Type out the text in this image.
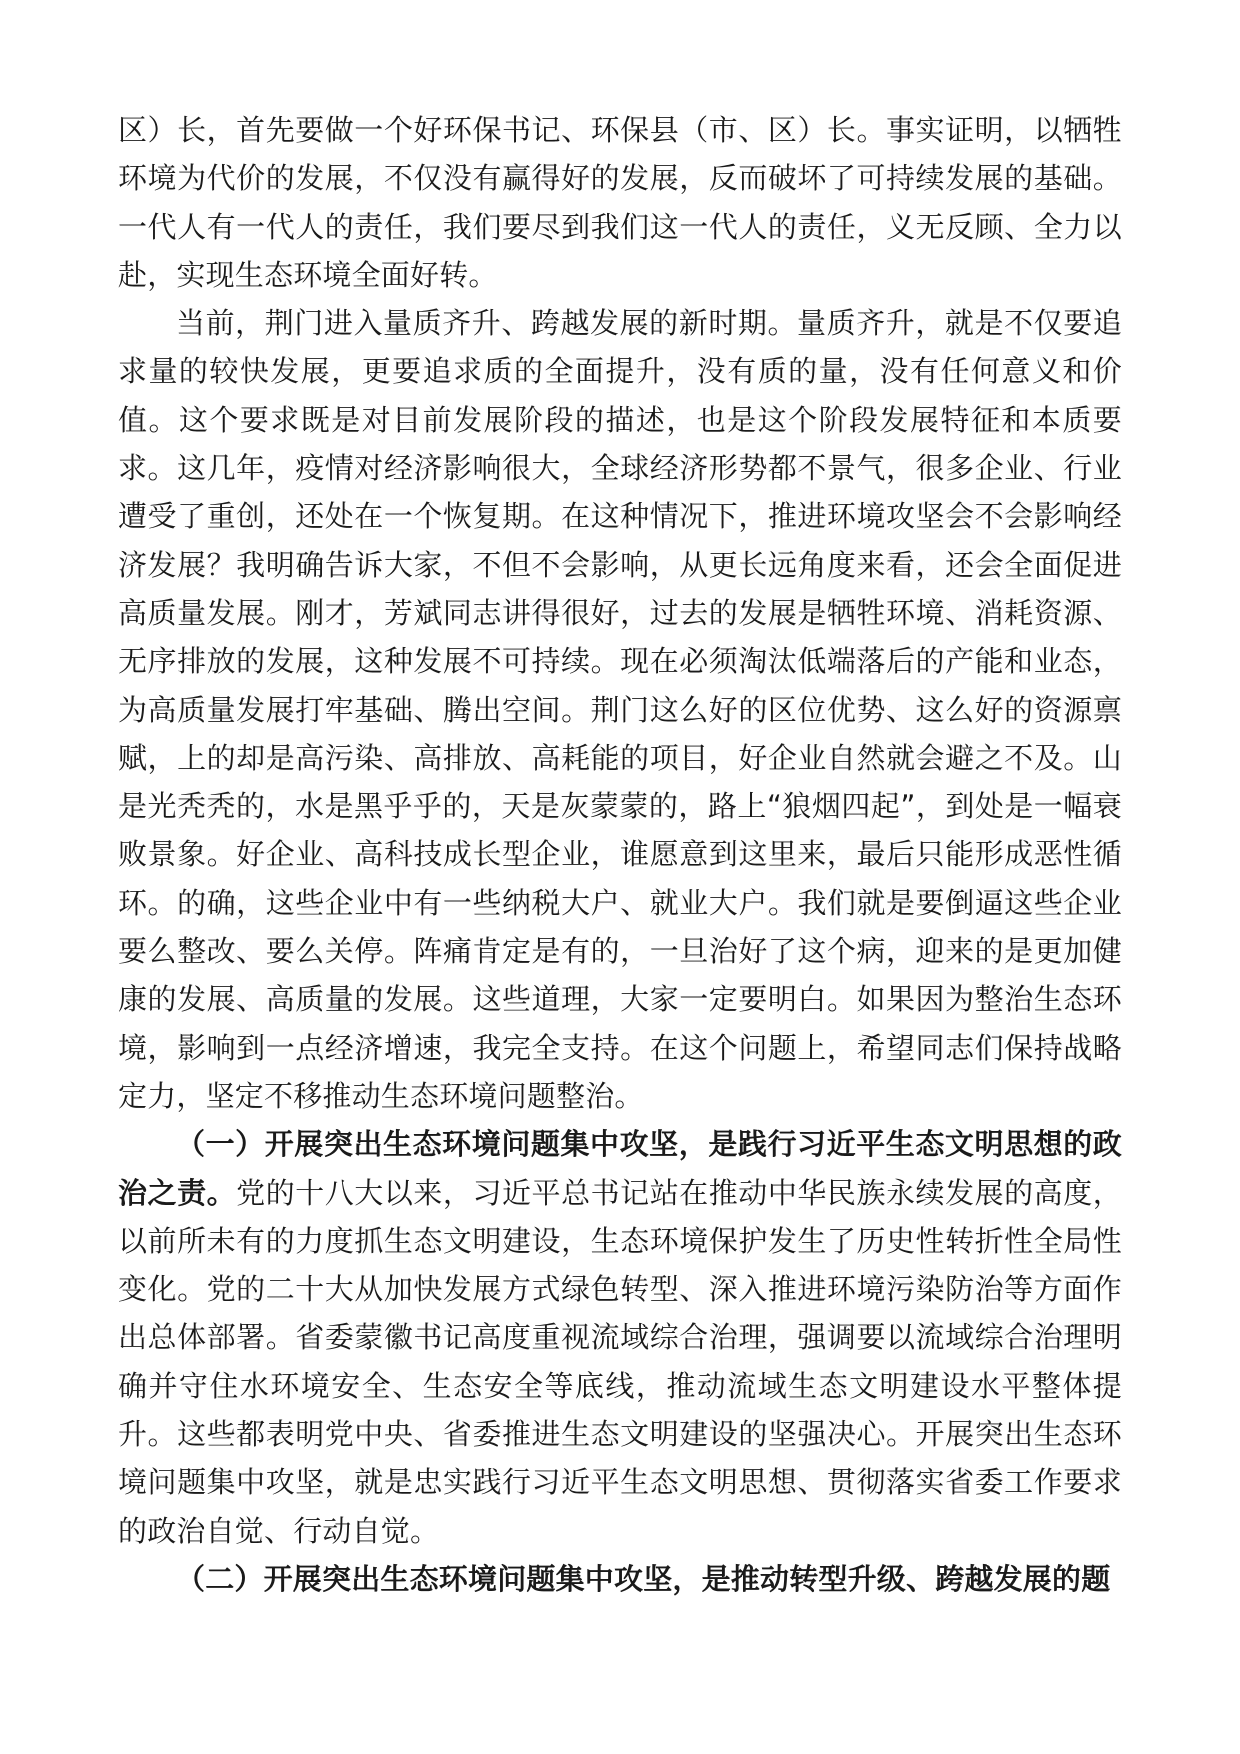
区）长，首先要做一个好环保书记、环保县（市、区）长。事实证明，以牺牲环境为代价的发展，不仅没有赢得好的发展，反而破坏了可持续发展的基础。一代人有一代人的责任，我们要尽到我们这一代人的责任，义无反顾、全力以赴，实现生态环境全面好转。

当前，荆门进入量质齐升、跨越发展的新时期。量质齐升，就是不仅要追求量的较快发展，更要追求质的全面提升，没有质的量，没有任何意义和价值。这个要求既是对目前发展阶段的描述，也是这个阶段发展特征和本质要求。这几年，疫情对经济影响很大，全球经济形势都不景气，很多企业、行业遭受了重创，还处在一个恢复期。在这种情况下，推进环境攻坚会不会影响经济发展？我明确告诉大家，不但不会影响，从更长远角度来看，还会全面促进高质量发展。刚才，芳斌同志讲得很好，过去的发展是牺牲环境、消耗资源、无序排放的发展，这种发展不可持续。现在必须淘汰低端落后的产能和业态，为高质量发展打牢基础、腾出空间。荆门这么好的区位优势、这么好的资源禀赋，上的却是高污染、高排放、高耗能的项目，好企业自然就会避之不及。山是光秃秃的，水是黑乎乎的，天是灰蒙蒙的，路上“狼烟四起”，到处是一幅衰败景象。好企业、高科技成长型企业，谁愿意到这里来，最后只能形成恶性循环。的确，这些企业中有一些纳税大户、就业大户。我们就是要倒逼这些企业要么整改、要么关停。阵痛肯定是有的，一旦治好了这个病，迎来的是更加健康的发展、高质量的发展。这些道理，大家一定要明白。如果因为整治生态环境，影响到一点经济增速，我完全支持。在这个问题上，希望同志们保持战略定力，坚定不移推动生态环境问题整治。

（一）开展突出生态环境问题集中攻坚，是践行习近平生态文明思想的政治之责。党的十八大以来，习近平总书记站在推动中华民族永续发展的高度，以前所未有的力度抓生态文明建设，生态环境保护发生了历史性转折性全局性变化。党的二十大从加快发展方式绿色转型、深入推进环境污染防治等方面作出总体部署。省委蒙徽书记高度重视流域综合治理，强调要以流域综合治理明确并守住水环境安全、生态安全等底线，推动流域生态文明建设水平整体提升。这些都表明党中央、省委推进生态文明建设的坚强决心。开展突出生态环境问题集中攻坚，就是忠实践行习近平生态文明思想、贯彻落实省委工作要求的政治自觉、行动自觉。

（二）开展突出生态环境问题集中攻坚，是推动转型升级、跨越发展的题
